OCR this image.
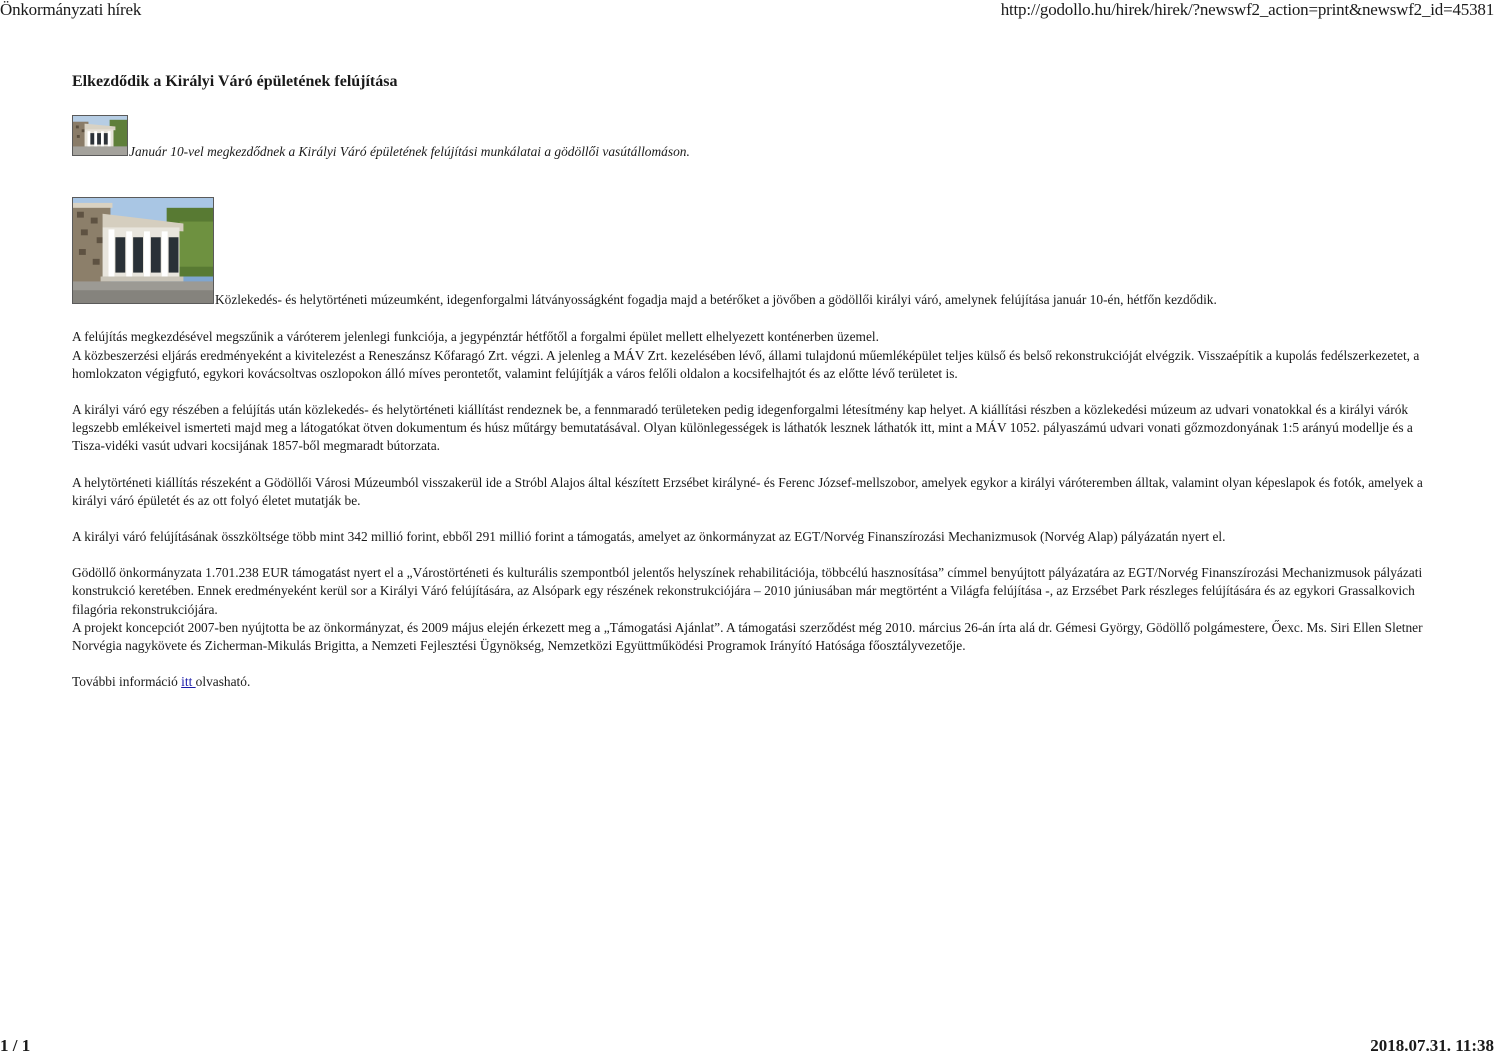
Önkormányzati hírek	http://godollo.hu/hirek/hirek/?newswf2_action=print&newswf2_id=45381
Elkezdődik a Királyi Váró épületének felújítása
Január 10-vel megkezdődnek a Királyi Váró épületének felújítási munkálatai a gödöllői vasútállomáson.
Közlekedés- és helytörténeti múzeumként, idegenforgalmi látványosságként fogadja majd a betérőket a jövőben a gödöllői királyi váró, amelynek felújítása január 10-én, hétfőn kezdődik.
A felújítás megkezdésével megszűnik a váróterem jelenlegi funkciója, a jegypénztár hétfőtől a forgalmi épület mellett elhelyezett konténerben üzemel.
A közbeszerzési eljárás eredményeként a kivitelezést a Reneszánsz Kőfaragó Zrt. végzi. A jelenleg a MÁV Zrt. kezelésében lévő, állami tulajdonú műemléképület teljes külső és belső rekonstrukcióját elvégzik. Visszaépítik a kupolás fedélszerkezetet, a homlokzaton végigfutó, egykori kovácsoltvas oszlopokon álló míves perontetőt, valamint felújítják a város felőli oldalon a kocsifelhajtót és az előtte lévő területet is.
A királyi váró egy részében a felújítás után közlekedés- és helytörténeti kiállítást rendeznek be, a fennmaradó területeken pedig idegenforgalmi létesítmény kap helyet. A kiállítási részben a közlekedési múzeum az udvari vonatokkal és a királyi várók legszebb emlékeivel ismerteti majd meg a látogatókat ötven dokumentum és húsz műtárgy bemutatásával. Olyan különlegességek is láthatók lesznek láthatók itt, mint a MÁV 1052. pályaszámú udvari vonati gőzmozdonyának 1:5 arányú modellje és a Tisza-vidéki vasút udvari kocsijának 1857-ből megmaradt bútorzata.
A helytörténeti kiállítás részeként a Gödöllői Városi Múzeumból visszakerül ide a Stróbl Alajos által készített Erzsébet királyné- és Ferenc József-mellszobor, amelyek egykor a királyi váróteremben álltak, valamint olyan képeslapok és fotók, amelyek a királyi váró épületét és az ott folyó életet mutatják be.
A királyi váró felújításának összköltsége több mint 342 millió forint, ebből 291 millió forint a támogatás, amelyet az önkormányzat az EGT/Norvég Finanszírozási Mechanizmusok (Norvég Alap) pályázatán nyert el.
Gödöllő önkormányzata 1.701.238 EUR támogatást nyert el a „Várostörténeti és kulturális szempontból jelentős helyszínek rehabilitációja, többcélú hasznosítása” címmel benyújtott pályázatára az EGT/Norvég Finanszírozási Mechanizmusok pályázati konstrukció keretében. Ennek eredményeként kerül sor a Királyi Váró felújítására, az Alsópark egy részének rekonstrukciójára – 2010 júniusában már megtörtént a Világfa felújítása -, az Erzsébet Park részleges felújítására és az egykori Grassalkovich filagória rekonstrukciójára.
A projekt koncepciót 2007-ben nyújtotta be az önkormányzat, és 2009 május elején érkezett meg a „Támogatási Ajánlat”. A támogatási szerződést még 2010. március 26-án írta alá dr. Gémesi György, Gödöllő polgámestere, Őexc. Ms. Siri Ellen Sletner Norvégia nagykövete és Zicherman-Mikulás Brigitta, a Nemzeti Fejlesztési Ügynökség, Nemzetközi Együttműködési Programok Irányító Hatósága főosztályvezetője.
További információ itt olvasható.
1 / 1	2018.07.31. 11:38
